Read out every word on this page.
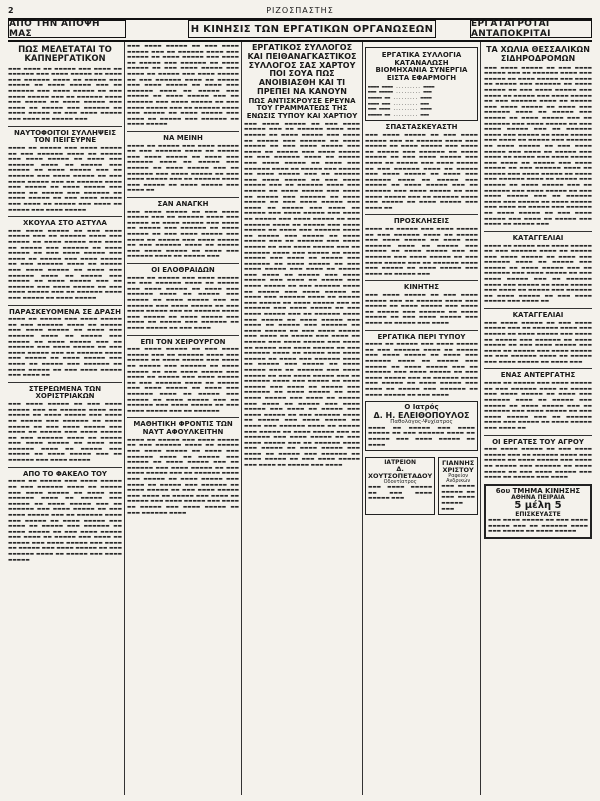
2	ΡΙΖΟΣΠΑΣΤΗΣ
ΑΠΟ ΤΗΝ ΑΠΟΨΗ ΜΑΣ	Η ΚΙΝΗΣΙΣ ΤΩΝ ΕΡΓΑΤΙΚΩΝ ΟΡΓΑΝΩΣΕΩΝ	ΕΡΓΑΤΑΓΡΟΤΑΙ ΑΝΤΑΠΟΚΡΙΤΑΙ
ΠΩΣ ΜΕΛΕΤΑΤΑΙ ΤΟ ΚΑΠΝΕΡΓΑΤΙΚΟΝ
▬▬▬ ▬▬▬▬ ▬▬ ▬▬▬▬▬ ▬▬▬ ▬▬▬▬ ▬▬ ▬▬▬▬▬▬ ▬▬▬ ▬▬▬▬ ▬▬▬▬▬ ▬▬ ▬▬▬▬ ▬▬▬ ▬▬▬▬▬▬ ▬▬▬▬ ▬▬ ▬▬▬▬▬ ▬▬▬ ▬▬▬▬▬ ▬▬ ▬▬▬▬ ▬▬▬▬▬ ▬▬▬ ▬▬ ▬▬▬▬▬▬ ▬▬▬ ▬▬▬▬ ▬▬▬▬▬ ▬▬ ▬▬▬ ▬▬▬▬ ▬▬▬▬▬ ▬▬▬ ▬▬ ▬▬▬▬▬▬ ▬▬▬▬ ▬▬▬ ▬▬▬▬▬ ▬▬ ▬▬▬▬ ▬▬▬▬▬ ▬▬▬ ▬▬▬▬ ▬▬ ▬▬▬▬▬ ▬▬▬ ▬▬▬▬▬▬ ▬▬ ▬▬▬▬ ▬▬▬▬▬ ▬▬ ▬▬▬ ▬▬▬▬ ▬▬▬▬▬ ▬▬▬ ▬▬▬▬ ▬▬ ▬▬▬▬▬ ▬▬▬
ΝΑΥΤΟΦΟΙΤΟΙ ΣΥΛΛΗΨΕΙΣ ΤΟΝ ΠΕΙΓΕΥΡΝΕ
▬▬▬▬ ▬▬ ▬▬▬▬▬ ▬▬▬ ▬▬▬▬ ▬▬▬▬▬ ▬▬ ▬▬▬ ▬▬▬▬▬▬ ▬▬▬▬ ▬▬ ▬▬▬▬▬ ▬▬▬ ▬▬▬▬ ▬▬▬▬▬ ▬▬ ▬▬▬▬ ▬▬▬ ▬▬▬▬▬▬ ▬▬▬▬ ▬▬ ▬▬▬▬▬ ▬▬▬ ▬▬▬▬▬ ▬▬ ▬▬▬▬ ▬▬▬▬▬ ▬▬▬ ▬▬ ▬▬▬▬▬▬ ▬▬▬ ▬▬▬▬ ▬▬▬▬▬ ▬▬ ▬▬▬ ▬▬▬▬ ▬▬▬▬▬ ▬▬▬ ▬▬ ▬▬▬▬▬▬ ▬▬▬▬ ▬▬▬ ▬▬▬▬▬ ▬▬ ▬▬▬▬ ▬▬▬▬▬ ▬▬▬ ▬▬▬▬ ▬▬ ▬▬▬▬▬ ▬▬▬ ▬▬▬▬▬▬ ▬▬ ▬▬▬▬ ▬▬▬▬▬ ▬▬ ▬▬▬ ▬▬▬▬ ▬▬▬▬▬ ▬▬▬ ▬▬▬▬ ▬▬ ▬▬▬▬▬ ▬▬▬ ▬▬▬▬ ▬▬ ▬▬▬▬▬ ▬▬▬ ▬▬▬▬ ▬▬▬▬▬
ΧΚΟΥΛΑ ΣΤΟ ΑΣΤΥΛΑ
▬▬▬ ▬▬▬▬ ▬▬▬▬▬ ▬▬ ▬▬▬ ▬▬▬▬ ▬▬▬▬▬ ▬▬▬ ▬▬ ▬▬▬▬▬▬ ▬▬▬▬ ▬▬▬ ▬▬▬▬▬ ▬▬ ▬▬▬▬ ▬▬▬▬▬ ▬▬▬ ▬▬▬▬ ▬▬ ▬▬▬▬▬ ▬▬▬ ▬▬▬▬▬▬ ▬▬ ▬▬▬▬ ▬▬▬▬▬ ▬▬ ▬▬▬ ▬▬▬▬ ▬▬▬▬▬ ▬▬▬ ▬▬▬▬ ▬▬ ▬▬▬▬▬ ▬▬▬ ▬▬▬▬ ▬▬▬▬▬ ▬▬ ▬▬▬ ▬▬▬▬▬▬ ▬▬▬▬ ▬▬ ▬▬▬▬▬ ▬▬▬ ▬▬▬▬ ▬▬▬▬▬ ▬▬ ▬▬▬▬ ▬▬▬ ▬▬▬▬▬▬ ▬▬▬▬ ▬▬ ▬▬▬▬▬ ▬▬▬ ▬▬▬▬▬ ▬▬ ▬▬▬▬ ▬▬▬▬▬ ▬▬▬ ▬▬ ▬▬▬▬▬▬ ▬▬▬ ▬▬▬▬ ▬▬▬▬▬ ▬▬ ▬▬▬ ▬▬▬▬ ▬▬▬▬▬ ▬▬▬ ▬▬ ▬▬▬▬▬▬ ▬▬▬▬ ▬▬▬ ▬▬▬▬▬ ▬▬ ▬▬▬▬ ▬▬▬▬▬
ΠΑΡΑΣΚΕΥΟΜΕΝΑ ΣΕ ΔΡΑΣΗ
▬▬▬▬ ▬▬ ▬▬▬▬▬ ▬▬▬ ▬▬▬▬ ▬▬▬▬▬ ▬▬ ▬▬▬ ▬▬▬▬▬▬ ▬▬▬▬ ▬▬ ▬▬▬▬▬ ▬▬▬ ▬▬▬▬ ▬▬▬▬▬ ▬▬ ▬▬▬▬ ▬▬▬ ▬▬▬▬▬▬ ▬▬▬▬ ▬▬ ▬▬▬▬▬ ▬▬▬ ▬▬▬▬▬ ▬▬ ▬▬▬▬ ▬▬▬▬▬ ▬▬▬ ▬▬ ▬▬▬▬▬▬ ▬▬▬ ▬▬▬▬ ▬▬▬▬▬ ▬▬ ▬▬▬ ▬▬▬▬ ▬▬▬▬▬ ▬▬▬ ▬▬ ▬▬▬▬▬▬ ▬▬▬▬ ▬▬▬ ▬▬▬▬▬ ▬▬ ▬▬▬▬ ▬▬▬▬▬ ▬▬▬ ▬▬▬▬ ▬▬ ▬▬▬▬▬ ▬▬▬ ▬▬▬▬▬▬ ▬▬ ▬▬▬▬ ▬▬▬▬▬ ▬▬ ▬▬▬ ▬▬▬▬ ▬▬▬▬▬ ▬▬▬ ▬▬▬▬ ▬▬
ΣΤΕΡΕΩΜΕΝΑ ΤΩΝ ΧΟΡΙΣΤΡΙΑΚΩΝ
▬▬▬ ▬▬▬▬ ▬▬▬▬▬ ▬▬ ▬▬▬ ▬▬▬▬ ▬▬▬▬▬ ▬▬▬ ▬▬ ▬▬▬▬▬▬ ▬▬▬▬ ▬▬▬ ▬▬▬▬▬ ▬▬ ▬▬▬▬ ▬▬▬▬▬ ▬▬▬ ▬▬▬▬ ▬▬ ▬▬▬▬▬ ▬▬▬ ▬▬▬▬▬▬ ▬▬ ▬▬▬▬ ▬▬▬▬▬ ▬▬ ▬▬▬ ▬▬▬▬ ▬▬▬▬▬ ▬▬▬ ▬▬▬▬ ▬▬ ▬▬▬▬▬ ▬▬▬ ▬▬▬▬ ▬▬▬▬▬ ▬▬ ▬▬▬ ▬▬▬▬▬▬ ▬▬▬▬ ▬▬ ▬▬▬▬▬ ▬▬▬ ▬▬▬▬ ▬▬▬▬▬ ▬▬ ▬▬▬▬ ▬▬▬ ▬▬▬▬▬▬ ▬▬▬▬ ▬▬ ▬▬▬▬▬ ▬▬▬ ▬▬▬▬▬ ▬▬ ▬▬▬▬ ▬▬▬▬▬ ▬▬▬ ▬▬ ▬▬▬▬▬▬ ▬▬▬ ▬▬▬▬ ▬▬▬▬▬
ΑΠΟ ΤΟ ΦΑΚΕΛΟ ΤΟΥ
▬▬▬▬ ▬▬ ▬▬▬▬▬ ▬▬▬ ▬▬▬▬ ▬▬▬▬▬ ▬▬ ▬▬▬ ▬▬▬▬▬▬ ▬▬▬▬ ▬▬ ▬▬▬▬▬ ▬▬▬ ▬▬▬▬ ▬▬▬▬▬ ▬▬ ▬▬▬▬ ▬▬▬ ▬▬▬▬▬▬ ▬▬▬▬ ▬▬ ▬▬▬▬▬ ▬▬▬ ▬▬▬▬▬ ▬▬ ▬▬▬▬ ▬▬▬▬▬ ▬▬▬ ▬▬ ▬▬▬▬▬▬ ▬▬▬ ▬▬▬▬ ▬▬▬▬▬ ▬▬ ▬▬▬ ▬▬▬▬ ▬▬▬▬▬ ▬▬▬ ▬▬ ▬▬▬▬▬▬ ▬▬▬▬ ▬▬▬ ▬▬▬▬▬ ▬▬ ▬▬▬▬ ▬▬▬▬▬ ▬▬▬ ▬▬▬▬ ▬▬ ▬▬▬▬▬ ▬▬▬ ▬▬▬▬▬▬ ▬▬ ▬▬▬▬ ▬▬▬▬▬ ▬▬ ▬▬▬ ▬▬▬▬ ▬▬▬▬▬ ▬▬▬ ▬▬▬▬ ▬▬ ▬▬▬▬▬ ▬▬▬ ▬▬▬▬ ▬▬ ▬▬▬▬▬ ▬▬▬ ▬▬▬▬ ▬▬▬▬▬ ▬▬▬ ▬▬▬▬ ▬▬ ▬▬▬▬▬ ▬▬▬ ▬▬▬▬ ▬▬▬▬▬ ▬▬ ▬▬▬ ▬▬▬▬▬▬ ▬▬▬▬ ▬▬ ▬▬▬▬▬ ▬▬▬ ▬▬▬▬ ▬▬▬▬▬
▬▬▬ ▬▬▬▬ ▬▬▬▬▬ ▬▬ ▬▬▬ ▬▬▬▬ ▬▬▬▬▬ ▬▬▬ ▬▬ ▬▬▬▬▬▬ ▬▬▬▬ ▬▬▬ ▬▬▬▬▬ ▬▬ ▬▬▬▬ ▬▬▬▬▬ ▬▬▬ ▬▬▬▬ ▬▬ ▬▬▬▬▬ ▬▬▬ ▬▬▬▬▬▬ ▬▬ ▬▬▬▬ ▬▬▬▬▬ ▬▬ ▬▬▬ ▬▬▬▬ ▬▬▬▬▬ ▬▬▬ ▬▬▬▬ ▬▬ ▬▬▬▬▬ ▬▬▬ ▬▬▬▬ ▬▬▬▬▬ ▬▬ ▬▬▬ ▬▬▬▬▬▬ ▬▬▬▬ ▬▬ ▬▬▬▬▬ ▬▬▬ ▬▬▬▬ ▬▬▬▬▬ ▬▬ ▬▬▬▬ ▬▬▬ ▬▬▬▬▬▬ ▬▬▬▬ ▬▬ ▬▬▬▬▬ ▬▬▬ ▬▬▬▬▬ ▬▬ ▬▬▬▬ ▬▬▬▬▬ ▬▬▬ ▬▬ ▬▬▬▬▬▬ ▬▬▬ ▬▬▬▬ ▬▬▬▬▬ ▬▬ ▬▬▬ ▬▬▬▬ ▬▬▬▬▬ ▬▬▬ ▬▬ ▬▬▬▬▬▬ ▬▬▬▬ ▬▬▬ ▬▬▬▬▬ ▬▬ ▬▬▬▬ ▬▬▬▬▬ ▬▬▬ ▬▬▬▬ ▬▬ ▬▬▬▬▬ ▬▬▬ ▬▬▬▬▬▬ ▬▬ ▬▬▬▬ ▬▬▬▬▬
ΝΑ ΜΕΙΝΗ
▬▬▬▬ ▬▬ ▬▬▬▬▬ ▬▬▬ ▬▬▬▬ ▬▬▬▬▬ ▬▬ ▬▬▬ ▬▬▬▬▬▬ ▬▬▬▬ ▬▬ ▬▬▬▬▬ ▬▬▬ ▬▬▬▬ ▬▬▬▬▬ ▬▬ ▬▬▬▬ ▬▬▬ ▬▬▬▬▬▬ ▬▬▬▬ ▬▬ ▬▬▬▬▬ ▬▬▬ ▬▬▬▬▬ ▬▬ ▬▬▬▬ ▬▬▬▬▬ ▬▬▬ ▬▬ ▬▬▬▬▬▬ ▬▬▬ ▬▬▬▬ ▬▬▬▬▬ ▬▬ ▬▬▬ ▬▬▬▬ ▬▬▬▬▬ ▬▬▬ ▬▬ ▬▬▬▬▬▬ ▬▬▬▬ ▬▬▬ ▬▬▬▬▬ ▬▬ ▬▬▬▬ ▬▬▬▬▬ ▬▬▬ ▬▬▬▬ ▬▬
ΣΑΝ ΑΝΑΓΚΗ
▬▬▬ ▬▬▬▬ ▬▬▬▬▬ ▬▬ ▬▬▬ ▬▬▬▬ ▬▬▬▬▬ ▬▬▬ ▬▬ ▬▬▬▬▬▬ ▬▬▬▬ ▬▬▬ ▬▬▬▬▬ ▬▬ ▬▬▬▬ ▬▬▬▬▬ ▬▬▬ ▬▬▬▬ ▬▬ ▬▬▬▬▬ ▬▬▬ ▬▬▬▬▬▬ ▬▬ ▬▬▬▬ ▬▬▬▬▬ ▬▬ ▬▬▬ ▬▬▬▬ ▬▬▬▬▬ ▬▬▬ ▬▬▬▬ ▬▬ ▬▬▬▬▬ ▬▬▬ ▬▬▬▬ ▬▬▬▬▬ ▬▬ ▬▬▬ ▬▬▬▬▬▬ ▬▬▬▬ ▬▬ ▬▬▬▬▬ ▬▬▬ ▬▬▬▬ ▬▬▬▬▬ ▬▬ ▬▬▬▬ ▬▬▬ ▬▬▬▬▬▬ ▬▬▬▬ ▬▬ ▬▬▬▬▬ ▬▬▬
ΟΙ ΕΛΟΘΡΑΙΔΩΝ
▬▬▬▬ ▬▬ ▬▬▬▬▬ ▬▬▬ ▬▬▬▬ ▬▬▬▬▬ ▬▬ ▬▬▬ ▬▬▬▬▬▬ ▬▬▬▬ ▬▬ ▬▬▬▬▬ ▬▬▬ ▬▬▬▬ ▬▬▬▬▬ ▬▬ ▬▬▬▬ ▬▬▬ ▬▬▬▬▬▬ ▬▬▬▬ ▬▬ ▬▬▬▬▬ ▬▬▬ ▬▬▬▬▬ ▬▬ ▬▬▬▬ ▬▬▬▬▬ ▬▬▬ ▬▬ ▬▬▬▬▬▬ ▬▬▬ ▬▬▬▬ ▬▬▬▬▬ ▬▬ ▬▬▬ ▬▬▬▬ ▬▬▬▬▬ ▬▬▬ ▬▬ ▬▬▬▬▬▬ ▬▬▬▬ ▬▬▬ ▬▬▬▬▬ ▬▬ ▬▬▬▬ ▬▬▬▬▬ ▬▬▬ ▬▬▬▬ ▬▬ ▬▬▬▬▬ ▬▬▬ ▬▬▬▬▬▬ ▬▬ ▬▬▬▬ ▬▬▬▬▬ ▬▬ ▬▬▬ ▬▬▬▬
ΕΠΙ ΤΟΝ ΧΕΙΡΟΥΡΓΟΝ
▬▬▬ ▬▬▬▬ ▬▬▬▬▬ ▬▬ ▬▬▬ ▬▬▬▬ ▬▬▬▬▬ ▬▬▬ ▬▬ ▬▬▬▬▬▬ ▬▬▬▬ ▬▬▬ ▬▬▬▬▬ ▬▬ ▬▬▬▬ ▬▬▬▬▬ ▬▬▬ ▬▬▬▬ ▬▬ ▬▬▬▬▬ ▬▬▬ ▬▬▬▬▬▬ ▬▬ ▬▬▬▬ ▬▬▬▬▬ ▬▬ ▬▬▬ ▬▬▬▬ ▬▬▬▬▬ ▬▬▬ ▬▬▬▬ ▬▬ ▬▬▬▬▬ ▬▬▬ ▬▬▬▬ ▬▬▬▬▬ ▬▬ ▬▬▬ ▬▬▬▬▬▬ ▬▬▬▬ ▬▬ ▬▬▬▬▬ ▬▬▬ ▬▬▬▬ ▬▬▬▬▬ ▬▬ ▬▬▬▬ ▬▬▬ ▬▬▬▬▬▬ ▬▬▬▬ ▬▬ ▬▬▬▬▬ ▬▬▬ ▬▬▬▬▬ ▬▬ ▬▬▬▬ ▬▬▬▬▬ ▬▬▬ ▬▬ ▬▬▬▬▬▬ ▬▬▬ ▬▬▬▬ ▬▬▬▬▬ ▬▬ ▬▬▬ ▬▬▬▬ ▬▬▬▬▬ ▬▬▬ ▬▬ ▬▬▬▬▬▬
ΜΑΘΗΤΙΚΗ ΦΡΟΝΤΙΣ ΤΩΝ ΝΑΥΤ ΑΦΟΥΛΚΕΙΤΗΝ
▬▬▬▬ ▬▬ ▬▬▬▬▬ ▬▬▬ ▬▬▬▬ ▬▬▬▬▬ ▬▬ ▬▬▬ ▬▬▬▬▬▬ ▬▬▬▬ ▬▬ ▬▬▬▬▬ ▬▬▬ ▬▬▬▬ ▬▬▬▬▬ ▬▬ ▬▬▬▬ ▬▬▬ ▬▬▬▬▬▬ ▬▬▬▬ ▬▬ ▬▬▬▬▬ ▬▬▬ ▬▬▬▬▬ ▬▬ ▬▬▬▬ ▬▬▬▬▬ ▬▬▬ ▬▬ ▬▬▬▬▬▬ ▬▬▬ ▬▬▬▬ ▬▬▬▬▬ ▬▬ ▬▬▬ ▬▬▬▬ ▬▬▬▬▬ ▬▬▬ ▬▬ ▬▬▬▬▬▬ ▬▬▬▬ ▬▬▬ ▬▬▬▬▬ ▬▬ ▬▬▬▬ ▬▬▬▬▬ ▬▬▬ ▬▬▬▬ ▬▬ ▬▬▬▬▬ ▬▬▬ ▬▬▬▬▬▬ ▬▬ ▬▬▬▬ ▬▬▬▬▬ ▬▬ ▬▬▬ ▬▬▬▬ ▬▬▬▬▬ ▬▬▬ ▬▬▬▬ ▬▬ ▬▬▬▬▬ ▬▬▬ ▬▬▬▬ ▬▬ ▬▬▬▬▬ ▬▬▬ ▬▬▬▬ ▬▬▬▬▬ ▬▬▬ ▬▬▬▬ ▬▬ ▬▬▬▬▬ ▬▬▬ ▬▬▬▬ ▬▬▬▬▬ ▬▬ ▬▬▬ ▬▬▬▬▬▬ ▬▬▬▬
ΕΡΓΑΤΙΚΟΣ ΣΥΛΛΟΓΟΣ ΚΑΙ ΠΕΙΘΑΝΑΓΚΑΣΤΙΚΟΣ ΣΥΛΛΟΓΟΣ ΣΑΣ ΧΑΡΤΟΥ ΠΟΙ ΣΟΥΑ ΠΩΣ ΑΝΟΙΒΙΑΣΘΗ ΚΑΙ ΤΙ ΠΡΕΠΕΙ ΝΑ ΚΑΝΟΥΝ
ΠΩΣ ΑΝΤΙΣΚΡΟΥΣΕ ΕΡΕΥΝΑ ΤΟΥ ΓΡΑΜΜΑΤΕΩΣ ΤΗΣ ΕΝΩΣΙΣ ΤΥΠΟΥ ΚΑΙ ΧΑΡΤΙΟΥ
▬▬▬ ▬▬▬▬ ▬▬▬▬▬ ▬▬ ▬▬▬ ▬▬▬▬ ▬▬▬▬▬ ▬▬▬ ▬▬ ▬▬▬▬▬▬ ▬▬▬▬ ▬▬▬ ▬▬▬▬▬ ▬▬ ▬▬▬▬ ▬▬▬▬▬ ▬▬▬ ▬▬▬▬ ▬▬ ▬▬▬▬▬ ▬▬▬ ▬▬▬▬▬▬ ▬▬ ▬▬▬▬ ▬▬▬▬▬ ▬▬ ▬▬▬ ▬▬▬▬ ▬▬▬▬▬ ▬▬▬ ▬▬▬▬ ▬▬ ▬▬▬▬▬ ▬▬▬ ▬▬▬▬ ▬▬▬▬▬ ▬▬ ▬▬▬ ▬▬▬▬▬▬ ▬▬▬▬ ▬▬ ▬▬▬▬▬ ▬▬▬ ▬▬▬▬ ▬▬▬▬▬ ▬▬ ▬▬▬▬ ▬▬▬ ▬▬▬▬▬▬ ▬▬▬▬ ▬▬ ▬▬▬▬▬ ▬▬▬ ▬▬▬▬▬ ▬▬ ▬▬▬▬ ▬▬▬▬▬ ▬▬▬ ▬▬ ▬▬▬▬▬▬ ▬▬▬ ▬▬▬▬ ▬▬▬▬▬ ▬▬ ▬▬▬ ▬▬▬▬ ▬▬▬▬▬ ▬▬▬ ▬▬ ▬▬▬▬▬▬ ▬▬▬▬ ▬▬▬ ▬▬▬▬▬ ▬▬ ▬▬▬▬ ▬▬▬▬▬ ▬▬▬ ▬▬▬▬ ▬▬ ▬▬▬▬▬ ▬▬▬ ▬▬▬▬▬▬ ▬▬ ▬▬▬▬ ▬▬▬▬▬ ▬▬ ▬▬▬ ▬▬▬▬ ▬▬▬▬▬ ▬▬▬ ▬▬▬▬ ▬▬ ▬▬▬▬▬ ▬▬▬ ▬▬▬▬ ▬▬ ▬▬▬▬▬ ▬▬▬ ▬▬▬▬ ▬▬▬▬▬ ▬▬▬ ▬▬▬▬ ▬▬ ▬▬▬▬▬ ▬▬▬ ▬▬▬▬ ▬▬▬▬▬ ▬▬ ▬▬▬ ▬▬▬▬▬▬ ▬▬▬▬ ▬▬ ▬▬▬▬▬ ▬▬▬ ▬▬▬▬ ▬▬▬▬▬ ▬▬ ▬▬▬▬ ▬▬▬ ▬▬▬▬▬▬ ▬▬▬▬ ▬▬ ▬▬▬▬▬ ▬▬▬ ▬▬▬▬▬ ▬▬ ▬▬▬▬ ▬▬▬▬▬ ▬▬▬ ▬▬ ▬▬▬▬▬▬ ▬▬▬ ▬▬▬▬ ▬▬▬▬▬ ▬▬ ▬▬▬ ▬▬▬▬ ▬▬▬▬▬ ▬▬▬ ▬▬ ▬▬▬▬▬▬ ▬▬▬▬ ▬▬▬ ▬▬▬▬▬ ▬▬ ▬▬▬▬ ▬▬▬▬▬ ▬▬▬ ▬▬▬▬ ▬▬ ▬▬▬▬▬ ▬▬▬ ▬▬▬▬▬▬ ▬▬ ▬▬▬▬ ▬▬▬▬▬ ▬▬ ▬▬▬ ▬▬▬▬ ▬▬▬▬▬ ▬▬▬ ▬▬▬▬ ▬▬ ▬▬▬▬▬ ▬▬▬ ▬▬▬▬ ▬▬ ▬▬▬▬▬ ▬▬▬ ▬▬▬▬ ▬▬▬▬▬ ▬▬▬ ▬▬▬▬ ▬▬ ▬▬▬▬▬ ▬▬▬ ▬▬▬▬ ▬▬▬▬▬ ▬▬ ▬▬▬ ▬▬▬▬▬▬ ▬▬▬▬ ▬▬ ▬▬▬▬▬ ▬▬▬ ▬▬▬▬ ▬▬▬▬▬ ▬▬ ▬▬▬▬ ▬▬▬ ▬▬▬▬▬▬ ▬▬▬▬ ▬▬ ▬▬▬▬▬ ▬▬▬ ▬▬▬▬▬ ▬▬ ▬▬▬▬ ▬▬▬▬▬ ▬▬▬ ▬▬ ▬▬▬▬▬▬ ▬▬▬ ▬▬▬▬ ▬▬▬▬▬ ▬▬ ▬▬▬ ▬▬▬▬ ▬▬▬▬▬ ▬▬▬ ▬▬ ▬▬▬▬▬▬ ▬▬▬▬ ▬▬▬ ▬▬▬▬▬ ▬▬ ▬▬▬▬ ▬▬▬▬▬ ▬▬▬ ▬▬▬▬ ▬▬ ▬▬▬▬▬ ▬▬▬ ▬▬▬▬▬▬ ▬▬ ▬▬▬▬ ▬▬▬▬▬ ▬▬ ▬▬▬ ▬▬▬▬ ▬▬▬▬▬ ▬▬▬ ▬▬▬▬ ▬▬ ▬▬▬▬▬ ▬▬▬ ▬▬▬▬ ▬▬ ▬▬▬▬▬ ▬▬▬ ▬▬▬▬ ▬▬▬▬▬ ▬▬▬ ▬▬▬▬ ▬▬ ▬▬▬▬▬ ▬▬▬ ▬▬▬▬ ▬▬▬▬▬ ▬▬ ▬▬▬ ▬▬▬▬▬▬ ▬▬▬▬ ▬▬ ▬▬▬▬▬ ▬▬▬ ▬▬▬▬ ▬▬▬▬▬ ▬▬ ▬▬▬▬ ▬▬▬ ▬▬▬▬▬▬ ▬▬▬▬ ▬▬ ▬▬▬▬▬ ▬▬▬ ▬▬▬▬▬ ▬▬ ▬▬▬▬ ▬▬▬▬▬ ▬▬▬ ▬▬ ▬▬▬▬▬▬ ▬▬▬ ▬▬▬▬ ▬▬▬▬▬ ▬▬ ▬▬▬ ▬▬▬▬ ▬▬▬▬▬ ▬▬▬ ▬▬ ▬▬▬▬▬▬ ▬▬▬▬ ▬▬▬ ▬▬▬▬▬ ▬▬ ▬▬▬▬ ▬▬▬▬▬ ▬▬▬ ▬▬▬▬ ▬▬ ▬▬▬▬▬ ▬▬▬ ▬▬▬▬▬▬ ▬▬ ▬▬▬▬ ▬▬▬▬▬ ▬▬ ▬▬▬ ▬▬▬▬ ▬▬▬▬▬ ▬▬▬ ▬▬▬▬ ▬▬ ▬▬▬▬▬ ▬▬▬ ▬▬▬▬ ▬▬ ▬▬▬▬▬ ▬▬▬ ▬▬▬▬ ▬▬▬▬▬ ▬▬▬ ▬▬▬▬ ▬▬ ▬▬▬▬▬ ▬▬▬ ▬▬▬▬ ▬▬▬▬▬ ▬▬ ▬▬▬ ▬▬▬▬▬▬ ▬▬▬▬ ▬▬ ▬▬▬▬▬ ▬▬▬ ▬▬▬▬ ▬▬▬▬▬ ▬▬ ▬▬▬▬ ▬▬▬ ▬▬▬▬▬▬ ▬▬▬▬ ▬▬ ▬▬▬▬▬ ▬▬▬ ▬▬▬▬▬ ▬▬ ▬▬▬▬ ▬▬▬▬▬ ▬▬▬ ▬▬ ▬▬▬▬▬▬ ▬▬▬ ▬▬▬▬ ▬▬▬▬▬ ▬▬ ▬▬▬ ▬▬▬▬ ▬▬▬▬▬ ▬▬▬ ▬▬ ▬▬▬▬▬▬ ▬▬▬▬ ▬▬▬ ▬▬▬▬▬ ▬▬ ▬▬▬▬ ▬▬▬▬▬ ▬▬▬ ▬▬▬▬ ▬▬ ▬▬▬▬▬ ▬▬▬ ▬▬▬▬▬▬ ▬▬ ▬▬▬▬ ▬▬▬▬▬ ▬▬ ▬▬▬ ▬▬▬▬ ▬▬▬▬▬ ▬▬▬ ▬▬▬▬ ▬▬ ▬▬▬▬▬ ▬▬▬ ▬▬▬▬
ΕΡΓΑΤΙΚΑ ΣΥΛΛΟΓΙΑ ΚΑΤΑΝΑΛΩΣΗ ΒΙΟΜΗΧΑΝΙΑ ΣΥΝΕΡΓΙΑ ΕΙΣΤΑ ΕΦΑΡΜΟΓΗ
▬▬▬▬ ▬▬▬▬ ......... ▬▬▬▬
▬▬▬ ▬▬▬▬▬ ......... ▬▬▬
▬▬▬▬▬ ▬▬ ......... ▬▬▬▬
▬▬▬▬ ▬▬▬ ......... ▬▬▬
▬▬▬ ▬▬▬▬ ......... ▬▬▬▬
▬▬▬▬▬ ▬▬ ......... ▬▬▬
ΣΠΑΣΤΑΣΚΕΥΑΣΤΗ
▬▬▬ ▬▬▬▬ ▬▬▬▬▬ ▬▬ ▬▬▬ ▬▬▬▬ ▬▬▬▬▬ ▬▬▬ ▬▬ ▬▬▬▬▬▬ ▬▬▬▬ ▬▬▬ ▬▬▬▬▬ ▬▬ ▬▬▬▬ ▬▬▬▬▬ ▬▬▬ ▬▬▬▬ ▬▬ ▬▬▬▬▬ ▬▬▬ ▬▬▬▬▬▬ ▬▬ ▬▬▬▬ ▬▬▬▬▬ ▬▬ ▬▬▬ ▬▬▬▬ ▬▬▬▬▬ ▬▬▬ ▬▬▬▬ ▬▬ ▬▬▬▬▬ ▬▬▬ ▬▬▬▬ ▬▬▬▬▬ ▬▬ ▬▬▬ ▬▬▬▬▬▬ ▬▬▬▬ ▬▬ ▬▬▬▬▬ ▬▬▬ ▬▬▬▬ ▬▬▬▬▬ ▬▬ ▬▬▬▬ ▬▬▬ ▬▬▬▬▬▬ ▬▬▬▬ ▬▬ ▬▬▬▬▬ ▬▬▬ ▬▬▬▬▬ ▬▬ ▬▬▬▬ ▬▬▬▬▬ ▬▬▬ ▬▬ ▬▬▬▬▬▬ ▬▬▬ ▬▬▬▬ ▬▬▬▬▬ ▬▬ ▬▬▬ ▬▬▬▬ ▬▬▬▬▬ ▬▬▬ ▬▬ ▬▬▬▬▬▬ ▬▬▬▬ ▬▬▬ ▬▬▬▬▬ ▬▬ ▬▬▬▬ ▬▬▬▬▬ ▬▬▬ ▬▬▬▬ ▬▬
ΠΡΟΣΚΛΗΣΕΙΣ
▬▬▬▬ ▬▬ ▬▬▬▬▬ ▬▬▬ ▬▬▬▬ ▬▬▬▬▬ ▬▬ ▬▬▬ ▬▬▬▬▬▬ ▬▬▬▬ ▬▬ ▬▬▬▬▬ ▬▬▬ ▬▬▬▬ ▬▬▬▬▬ ▬▬ ▬▬▬▬ ▬▬▬ ▬▬▬▬▬▬ ▬▬▬▬ ▬▬ ▬▬▬▬▬ ▬▬▬ ▬▬▬▬▬ ▬▬ ▬▬▬▬ ▬▬▬▬▬ ▬▬▬ ▬▬ ▬▬▬▬▬▬ ▬▬▬ ▬▬▬▬ ▬▬▬▬▬ ▬▬ ▬▬▬ ▬▬▬▬ ▬▬▬▬▬ ▬▬▬ ▬▬ ▬▬▬▬▬▬ ▬▬▬▬ ▬▬▬ ▬▬▬▬▬ ▬▬ ▬▬▬▬ ▬▬▬▬▬ ▬▬▬ ▬▬▬▬ ▬▬ ▬▬▬▬▬ ▬▬▬
ΚΙΝΗΤΗΣ
▬▬▬ ▬▬▬▬ ▬▬▬▬▬ ▬▬ ▬▬▬ ▬▬▬▬ ▬▬▬▬▬ ▬▬▬ ▬▬ ▬▬▬▬▬▬ ▬▬▬▬ ▬▬▬ ▬▬▬▬▬ ▬▬ ▬▬▬▬ ▬▬▬▬▬ ▬▬▬ ▬▬▬▬ ▬▬ ▬▬▬▬▬ ▬▬▬ ▬▬▬▬▬▬ ▬▬ ▬▬▬▬ ▬▬▬▬▬ ▬▬ ▬▬▬ ▬▬▬▬ ▬▬▬▬▬ ▬▬▬ ▬▬▬▬ ▬▬ ▬▬▬▬▬ ▬▬▬ ▬▬▬▬
ΕΡΓΑΤΙΚΑ ΠΕΡΙ ΤΥΠΟΥ
▬▬▬▬ ▬▬ ▬▬▬▬▬ ▬▬▬ ▬▬▬▬ ▬▬▬▬▬ ▬▬ ▬▬▬ ▬▬▬▬▬▬ ▬▬▬▬ ▬▬ ▬▬▬▬▬ ▬▬▬ ▬▬▬▬ ▬▬▬▬▬ ▬▬ ▬▬▬▬ ▬▬▬ ▬▬▬▬▬▬ ▬▬▬▬ ▬▬ ▬▬▬▬▬ ▬▬▬ ▬▬▬▬▬ ▬▬ ▬▬▬▬ ▬▬▬▬▬ ▬▬▬ ▬▬ ▬▬▬▬▬▬ ▬▬▬ ▬▬▬▬ ▬▬▬▬▬ ▬▬ ▬▬▬ ▬▬▬▬ ▬▬▬▬▬ ▬▬▬ ▬▬ ▬▬▬▬▬▬ ▬▬▬▬ ▬▬▬ ▬▬▬▬▬ ▬▬ ▬▬▬▬ ▬▬▬▬▬ ▬▬▬ ▬▬▬▬ ▬▬ ▬▬▬▬▬ ▬▬▬ ▬▬▬▬▬▬ ▬▬ ▬▬▬▬ ▬▬▬▬▬ ▬▬ ▬▬▬ ▬▬▬▬
Ο Ιατρός
Δ. Η. ΕΛΕΙΘΟΠΟΥΛΟΣ
Παθολόγος-Ψυχίατρος
▬▬▬▬ ▬▬ ▬▬▬▬▬ ▬▬▬ ▬▬▬▬ ▬▬▬▬▬ ▬▬ ▬▬▬ ▬▬▬▬▬▬ ▬▬▬▬ ▬▬ ▬▬▬▬▬ ▬▬▬ ▬▬▬▬ ▬▬▬▬▬ ▬▬ ▬▬▬▬
ΙΑΤΡΕΙΟΝ
Δ. ΧΟΥΤΣΟΠΕΤΑΔΟΥ
Οδοντίατρος
▬▬▬ ▬▬▬▬ ▬▬▬▬▬ ▬▬ ▬▬▬ ▬▬▬▬ ▬▬▬▬▬ ▬▬▬
ΓΙΑΝΝΗΣ ΧΡΙΣΤΟΥ
Ραφείον Ανδρικών
▬▬▬ ▬▬▬▬ ▬▬▬▬▬ ▬▬ ▬▬▬ ▬▬▬▬ ▬▬▬▬▬ ▬▬▬
ΤΑ ΧΩΛΙΑ ΘΕΣΣΑΛΙΚΩΝ ΣΙΔΗΡΟΔΡΟΜΩΝ
▬▬▬ ▬▬▬▬ ▬▬▬▬▬ ▬▬ ▬▬▬ ▬▬▬▬ ▬▬▬▬▬ ▬▬▬ ▬▬ ▬▬▬▬▬▬ ▬▬▬▬ ▬▬▬ ▬▬▬▬▬ ▬▬ ▬▬▬▬ ▬▬▬▬▬ ▬▬▬ ▬▬▬▬ ▬▬ ▬▬▬▬▬ ▬▬▬ ▬▬▬▬▬▬ ▬▬ ▬▬▬▬ ▬▬▬▬▬ ▬▬ ▬▬▬ ▬▬▬▬ ▬▬▬▬▬ ▬▬▬ ▬▬▬▬ ▬▬ ▬▬▬▬▬ ▬▬▬ ▬▬▬▬ ▬▬▬▬▬ ▬▬ ▬▬▬ ▬▬▬▬▬▬ ▬▬▬▬ ▬▬ ▬▬▬▬▬ ▬▬▬ ▬▬▬▬ ▬▬▬▬▬ ▬▬ ▬▬▬▬ ▬▬▬ ▬▬▬▬▬▬ ▬▬▬▬ ▬▬ ▬▬▬▬▬ ▬▬▬ ▬▬▬▬▬ ▬▬ ▬▬▬▬ ▬▬▬▬▬ ▬▬▬ ▬▬ ▬▬▬▬▬▬ ▬▬▬ ▬▬▬▬ ▬▬▬▬▬ ▬▬ ▬▬▬ ▬▬▬▬ ▬▬▬▬▬ ▬▬▬ ▬▬ ▬▬▬▬▬▬ ▬▬▬▬ ▬▬▬ ▬▬▬▬▬ ▬▬ ▬▬▬▬ ▬▬▬▬▬ ▬▬▬ ▬▬▬▬ ▬▬ ▬▬▬▬▬ ▬▬▬ ▬▬▬▬▬▬ ▬▬ ▬▬▬▬ ▬▬▬▬▬ ▬▬ ▬▬▬ ▬▬▬▬ ▬▬▬▬▬ ▬▬▬ ▬▬▬▬ ▬▬ ▬▬▬▬▬ ▬▬▬ ▬▬▬▬ ▬▬ ▬▬▬▬▬ ▬▬▬ ▬▬▬▬ ▬▬▬▬▬ ▬▬▬ ▬▬▬▬ ▬▬ ▬▬▬▬▬ ▬▬▬ ▬▬▬▬ ▬▬▬▬▬ ▬▬ ▬▬▬ ▬▬▬▬▬▬ ▬▬▬▬ ▬▬ ▬▬▬▬▬ ▬▬▬ ▬▬▬▬ ▬▬▬▬▬ ▬▬ ▬▬▬▬ ▬▬▬ ▬▬▬▬▬▬ ▬▬▬▬ ▬▬ ▬▬▬▬▬ ▬▬▬ ▬▬▬▬▬ ▬▬ ▬▬▬▬ ▬▬▬▬▬ ▬▬▬ ▬▬ ▬▬▬▬▬▬ ▬▬▬ ▬▬▬▬ ▬▬▬▬▬ ▬▬ ▬▬▬ ▬▬▬▬ ▬▬▬▬▬ ▬▬▬ ▬▬ ▬▬▬▬▬▬ ▬▬▬▬ ▬▬▬ ▬▬▬▬▬ ▬▬ ▬▬▬▬ ▬▬▬▬▬ ▬▬▬ ▬▬▬▬ ▬▬ ▬▬▬▬▬ ▬▬▬ ▬▬▬▬▬▬ ▬▬ ▬▬▬▬ ▬▬▬▬▬ ▬▬ ▬▬▬ ▬▬▬▬ ▬▬▬▬▬ ▬▬▬ ▬▬▬▬ ▬▬ ▬▬▬▬▬ ▬▬▬ ▬▬▬▬ ▬▬ ▬▬▬▬▬ ▬▬▬
ΚΑΤΑΓΓΕΛΙΑΙ
▬▬▬▬ ▬▬ ▬▬▬▬▬ ▬▬▬ ▬▬▬▬ ▬▬▬▬▬ ▬▬ ▬▬▬ ▬▬▬▬▬▬ ▬▬▬▬ ▬▬ ▬▬▬▬▬ ▬▬▬ ▬▬▬▬ ▬▬▬▬▬ ▬▬ ▬▬▬▬ ▬▬▬ ▬▬▬▬▬▬ ▬▬▬▬ ▬▬ ▬▬▬▬▬ ▬▬▬ ▬▬▬▬▬ ▬▬ ▬▬▬▬ ▬▬▬▬▬ ▬▬▬ ▬▬ ▬▬▬▬▬▬ ▬▬▬ ▬▬▬▬ ▬▬▬▬▬ ▬▬ ▬▬▬ ▬▬▬▬ ▬▬▬▬▬ ▬▬▬ ▬▬ ▬▬▬▬▬▬ ▬▬▬▬ ▬▬▬ ▬▬▬▬▬ ▬▬ ▬▬▬▬ ▬▬▬▬▬ ▬▬▬ ▬▬▬▬ ▬▬ ▬▬▬▬▬ ▬▬▬ ▬▬▬▬▬▬ ▬▬ ▬▬▬▬ ▬▬▬▬▬ ▬▬ ▬▬▬ ▬▬▬▬ ▬▬▬▬▬ ▬▬▬ ▬▬▬▬ ▬▬
ΚΑΤΑΓΓΕΛΙΑΙ
▬▬▬ ▬▬▬▬ ▬▬▬▬▬ ▬▬ ▬▬▬ ▬▬▬▬ ▬▬▬▬▬ ▬▬▬ ▬▬ ▬▬▬▬▬▬ ▬▬▬▬ ▬▬▬ ▬▬▬▬▬ ▬▬ ▬▬▬▬ ▬▬▬▬▬ ▬▬▬ ▬▬▬▬ ▬▬ ▬▬▬▬▬ ▬▬▬ ▬▬▬▬▬▬ ▬▬ ▬▬▬▬ ▬▬▬▬▬ ▬▬ ▬▬▬ ▬▬▬▬ ▬▬▬▬▬ ▬▬▬ ▬▬▬▬ ▬▬ ▬▬▬▬▬ ▬▬▬ ▬▬▬▬ ▬▬▬▬▬ ▬▬ ▬▬▬ ▬▬▬▬▬▬ ▬▬▬▬ ▬▬ ▬▬▬▬▬ ▬▬▬ ▬▬▬▬ ▬▬▬▬▬ ▬▬ ▬▬▬▬ ▬▬▬
ΕΝΑΣ ΑΝΤΕΡΓΑΤΗΣ
▬▬▬▬ ▬▬ ▬▬▬▬▬ ▬▬▬ ▬▬▬▬ ▬▬▬▬▬ ▬▬ ▬▬▬ ▬▬▬▬▬▬ ▬▬▬▬ ▬▬ ▬▬▬▬▬ ▬▬▬ ▬▬▬▬ ▬▬▬▬▬ ▬▬ ▬▬▬▬ ▬▬▬ ▬▬▬▬▬▬ ▬▬▬▬ ▬▬ ▬▬▬▬▬ ▬▬▬ ▬▬▬▬▬ ▬▬ ▬▬▬▬ ▬▬▬▬▬ ▬▬▬ ▬▬ ▬▬▬▬▬▬ ▬▬▬ ▬▬▬▬ ▬▬▬▬▬ ▬▬ ▬▬▬ ▬▬▬▬ ▬▬▬▬▬ ▬▬▬ ▬▬ ▬▬▬▬▬▬ ▬▬▬▬ ▬▬▬ ▬▬▬▬▬ ▬▬ ▬▬▬▬ ▬▬▬▬▬ ▬▬▬ ▬▬▬▬ ▬▬
ΟΙ ΕΡΓΑΤΕΣ ΤΟΥ ΑΓΡΟΥ
▬▬▬ ▬▬▬▬ ▬▬▬▬▬ ▬▬ ▬▬▬ ▬▬▬▬ ▬▬▬▬▬ ▬▬▬ ▬▬ ▬▬▬▬▬▬ ▬▬▬▬ ▬▬▬ ▬▬▬▬▬ ▬▬ ▬▬▬▬ ▬▬▬▬▬ ▬▬▬ ▬▬▬▬ ▬▬ ▬▬▬▬▬ ▬▬▬ ▬▬▬▬▬▬ ▬▬ ▬▬▬▬ ▬▬▬▬▬ ▬▬ ▬▬▬ ▬▬▬▬ ▬▬▬▬▬ ▬▬▬ ▬▬▬▬ ▬▬ ▬▬▬▬▬ ▬▬▬ ▬▬▬▬
6ου ΤΜΗΜΑ ΚΙΝΗΣΗΣ
ΑΘΗΝΑ ΠΕΙΡΑΙΑ
5 μέλη 5
ΕΠΙΣΚΕΥΑΣΤΕ
▬▬▬ ▬▬▬▬ ▬▬▬▬▬ ▬▬ ▬▬▬ ▬▬▬▬ ▬▬▬▬▬ ▬▬▬ ▬▬ ▬▬▬▬▬▬ ▬▬▬▬ ▬▬▬ ▬▬▬▬▬ ▬▬ ▬▬▬▬ ▬▬▬▬▬
